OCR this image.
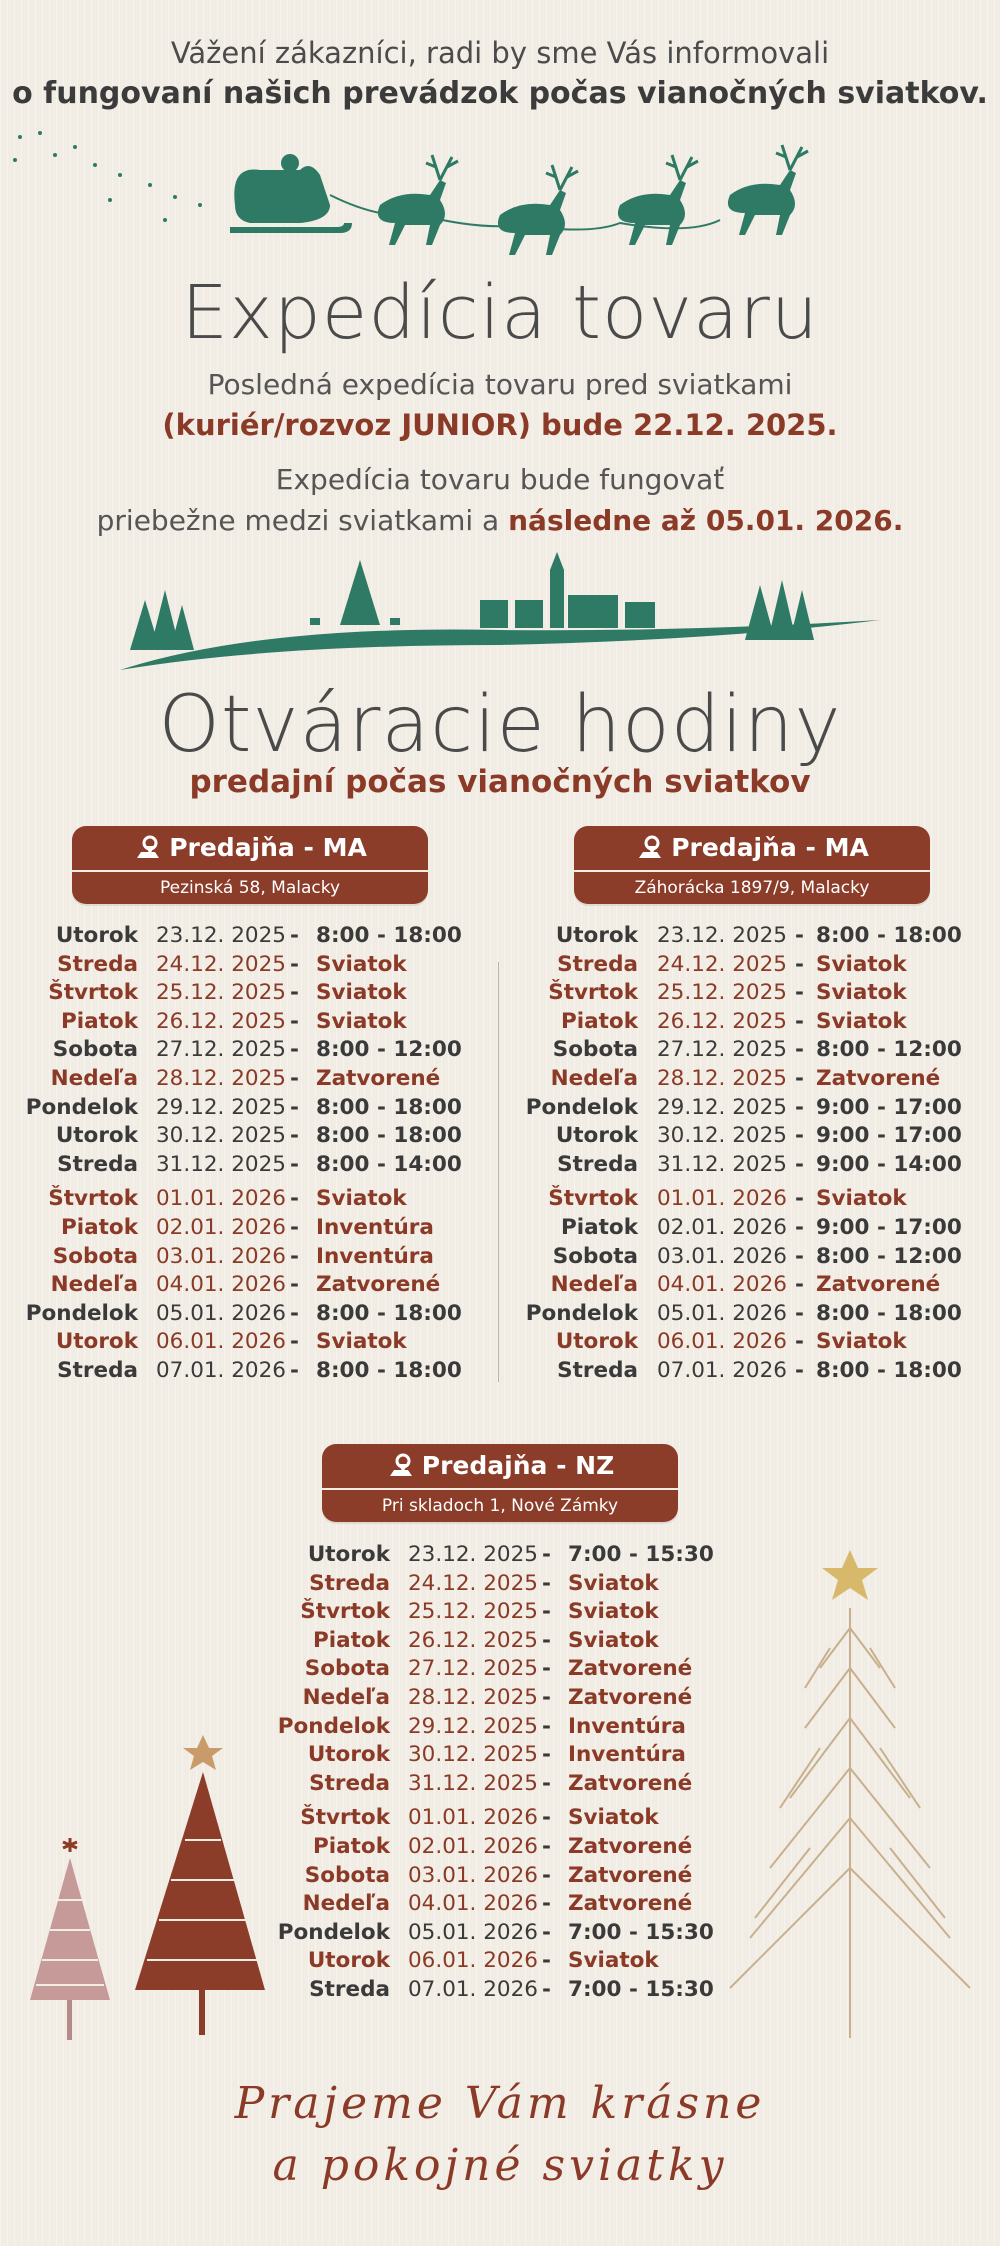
Vážení zákazníci, radi by sme Vás informovali
o fungovaní našich prevádzok počas vianočných sviatkov.
Expedícia tovaru
Posledná expedícia tovaru pred sviatkami
(kuriér/rozvoz JUNIOR) bude 22.12. 2025.
Expedícia tovaru bude fungovať
priebežne medzi sviatkami a následne až 05.01. 2026.
Otváracie hodiny
predajní počas vianočných sviatkov
Predajňa - MA
Pezinská 58, Malacky
Utorok 23.12. 2025 - 8:00 - 18:00
Streda 24.12. 2025 - Sviatok
Štvrtok 25.12. 2025 - Sviatok
Piatok 26.12. 2025 - Sviatok
Sobota 27.12. 2025 - 8:00 - 12:00
Nedeľa 28.12. 2025 - Zatvorené
Pondelok 29.12. 2025 - 8:00 - 18:00
Utorok 30.12. 2025 - 8:00 - 18:00
Streda 31.12. 2025 - 8:00 - 14:00
Štvrtok 01.01. 2026 - Sviatok
Piatok 02.01. 2026 - Inventúra
Sobota 03.01. 2026 - Inventúra
Nedeľa 04.01. 2026 - Zatvorené
Pondelok 05.01. 2026 - 8:00 - 18:00
Utorok 06.01. 2026 - Sviatok
Streda 07.01. 2026 - 8:00 - 18:00
Predajňa - MA
Záhorácka 1897/9, Malacky
Utorok 23.12. 2025 - 8:00 - 18:00
Streda 24.12. 2025 - Sviatok
Štvrtok 25.12. 2025 - Sviatok
Piatok 26.12. 2025 - Sviatok
Sobota 27.12. 2025 - 8:00 - 12:00
Nedeľa 28.12. 2025 - Zatvorené
Pondelok 29.12. 2025 - 9:00 - 17:00
Utorok 30.12. 2025 - 9:00 - 17:00
Streda 31.12. 2025 - 9:00 - 14:00
Štvrtok 01.01. 2026 - Sviatok
Piatok 02.01. 2026 - 9:00 - 17:00
Sobota 03.01. 2026 - 8:00 - 12:00
Nedeľa 04.01. 2026 - Zatvorené
Pondelok 05.01. 2026 - 8:00 - 18:00
Utorok 06.01. 2026 - Sviatok
Streda 07.01. 2026 - 8:00 - 18:00
Predajňa - NZ
Pri skladoch 1, Nové Zámky
Utorok 23.12. 2025 - 7:00 - 15:30
Streda 24.12. 2025 - Sviatok
Štvrtok 25.12. 2025 - Sviatok
Piatok 26.12. 2025 - Sviatok
Sobota 27.12. 2025 - Zatvorené
Nedeľa 28.12. 2025 - Zatvorené
Pondelok 29.12. 2025 - Inventúra
Utorok 30.12. 2025 - Inventúra
Streda 31.12. 2025 - Zatvorené
Štvrtok 01.01. 2026 - Sviatok
Piatok 02.01. 2026 - Zatvorené
Sobota 03.01. 2026 - Zatvorené
Nedeľa 04.01. 2026 - Zatvorené
Pondelok 05.01. 2026 - 7:00 - 15:30
Utorok 06.01. 2026 - Sviatok
Streda 07.01. 2026 - 7:00 - 15:30
Prajeme Vám krásne
a pokojné sviatky
